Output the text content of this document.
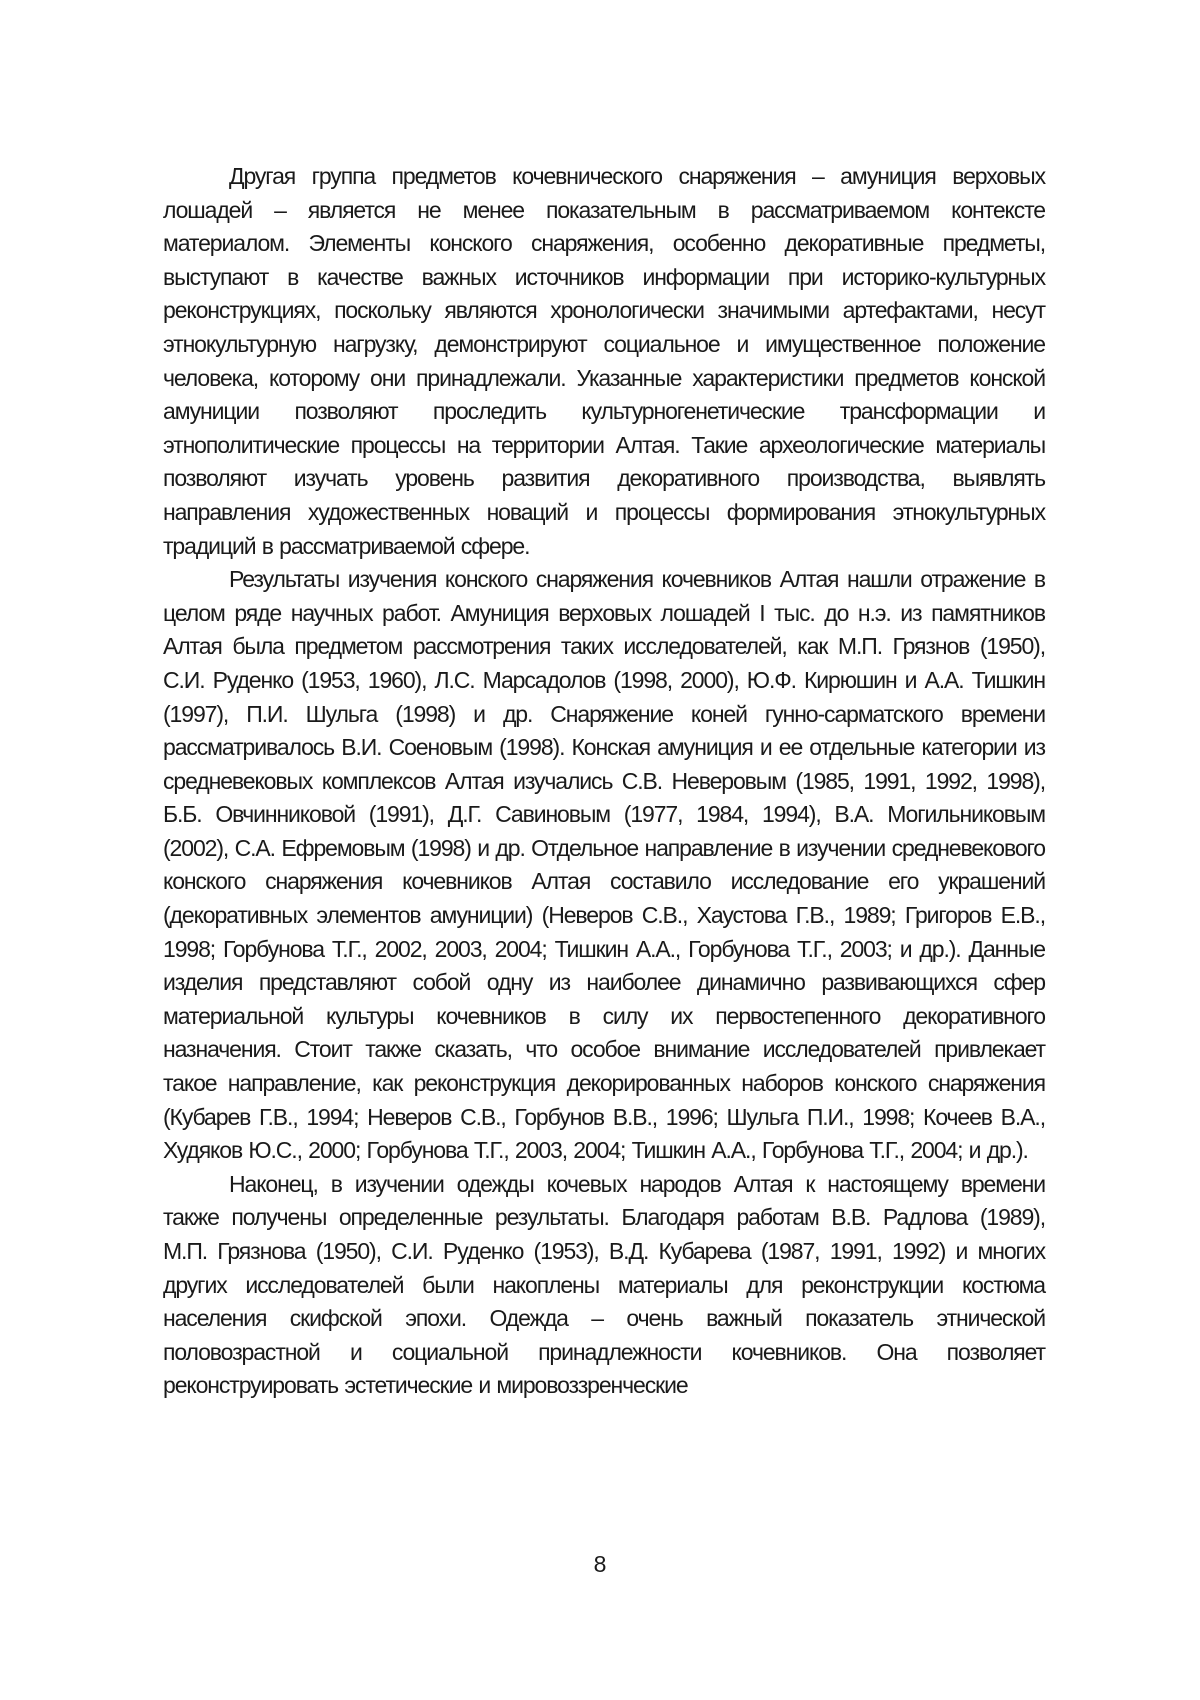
Другая группа предметов кочевнического снаряжения – амуниция верховых лошадей – является не менее показательным в рассматриваемом контексте материалом. Элементы конского снаряжения, особенно декоративные предметы, выступают в качестве важных источников информации при историко-культурных реконструкциях, поскольку являются хронологически значимыми артефактами, несут этнокультурную нагрузку, демонстрируют социальное и имущественное положение человека, которому они принадлежали. Указанные характеристики предметов конской амуниции позволяют проследить культурногенетические трансформации и этнополитические процессы на территории Алтая. Такие археологические материалы позволяют изучать уровень развития декоративного производства, выявлять направления художественных новаций и процессы формирования этнокультурных традиций в рассматриваемой сфере.

Результаты изучения конского снаряжения кочевников Алтая нашли отражение в целом ряде научных работ. Амуниция верховых лошадей I тыс. до н.э. из памятников Алтая была предметом рассмотрения таких исследователей, как М.П. Грязнов (1950), С.И. Руденко (1953, 1960), Л.С. Марсадолов (1998, 2000), Ю.Ф. Кирюшин и А.А. Тишкин (1997), П.И. Шульга (1998) и др. Снаряжение коней гунно-сарматского времени рассматривалось В.И. Соеновым (1998). Конская амуниция и ее отдельные категории из средневековых комплексов Алтая изучались С.В. Неверовым (1985, 1991, 1992, 1998), Б.Б. Овчинниковой (1991), Д.Г. Савиновым (1977, 1984, 1994), В.А. Могильниковым (2002), С.А. Ефремовым (1998) и др. Отдельное направление в изучении средневекового конского снаряжения кочевников Алтая составило исследование его украшений (декоративных элементов амуниции) (Неверов С.В., Хаустова Г.В., 1989; Григоров Е.В., 1998; Горбунова Т.Г., 2002, 2003, 2004; Тишкин А.А., Горбунова Т.Г., 2003; и др.). Данные изделия представляют собой одну из наиболее динамично развивающихся сфер материальной культуры кочевников в силу их первостепенного декоративного назначения. Стоит также сказать, что особое внимание исследователей привлекает такое направление, как реконструкция декорированных наборов конского снаряжения (Кубарев Г.В., 1994; Неверов С.В., Горбунов В.В., 1996; Шульга П.И., 1998; Кочеев В.А., Худяков Ю.С., 2000; Горбунова Т.Г., 2003, 2004; Тишкин А.А., Горбунова Т.Г., 2004; и др.).

Наконец, в изучении одежды кочевых народов Алтая к настоящему времени также получены определенные результаты. Благодаря работам В.В. Радлова (1989), М.П. Грязнова (1950), С.И. Руденко (1953), В.Д. Кубарева (1987, 1991, 1992) и многих других исследователей были накоплены материалы для реконструкции костюма населения скифской эпохи. Одежда – очень важный показатель этнической половозрастной и социальной принадлежности кочевников. Она позволяет реконструировать эстетические и мировоззренческие

8
